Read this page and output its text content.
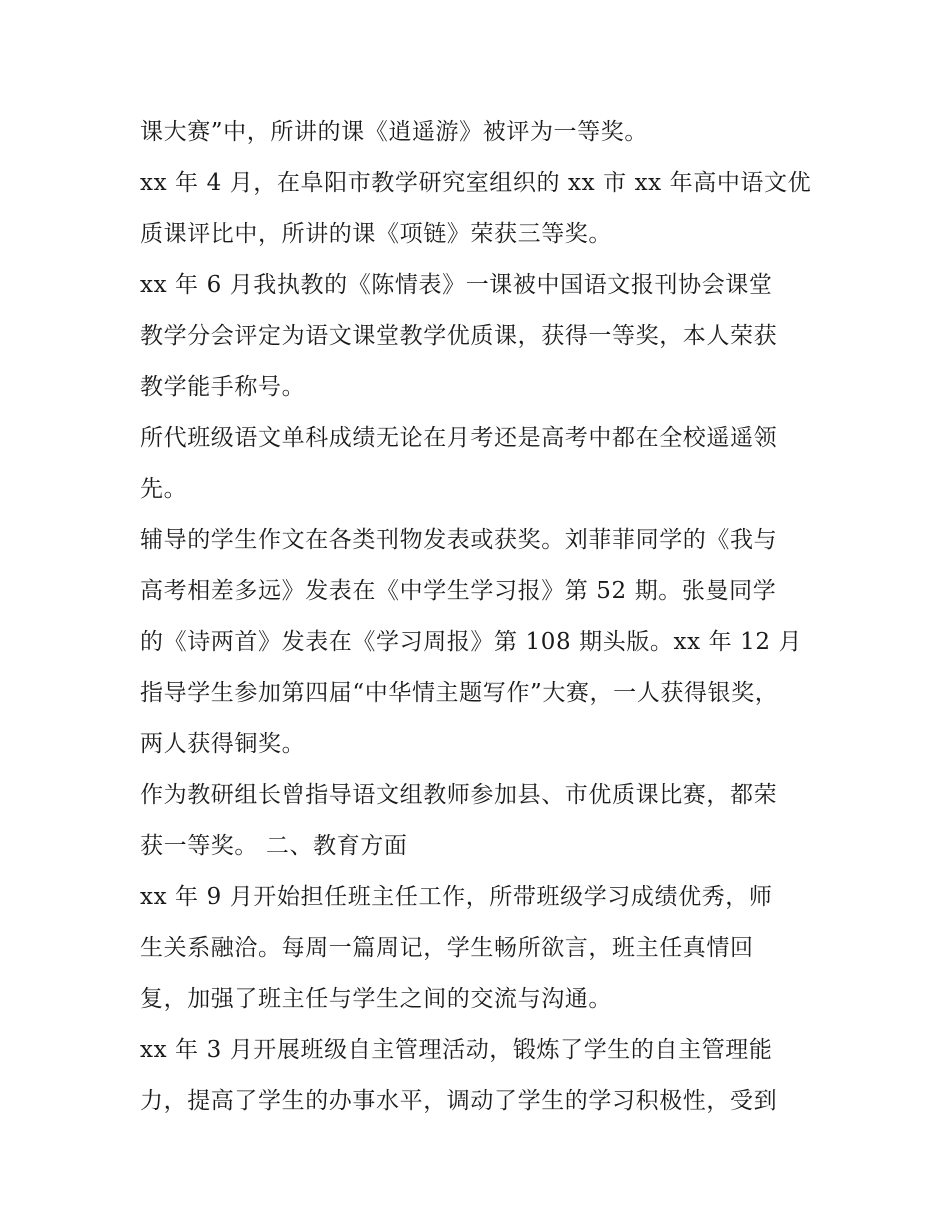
课大赛”中，所讲的课《逍遥游》被评为一等奖。
xx 年 4 月，在阜阳市教学研究室组织的 xx 市 xx 年高中语文优
质课评比中，所讲的课《项链》荣获三等奖。
xx 年 6 月我执教的《陈情表》一课被中国语文报刊协会课堂
教学分会评定为语文课堂教学优质课，获得一等奖，本人荣获
教学能手称号。
所代班级语文单科成绩无论在月考还是高考中都在全校遥遥领
先。
辅导的学生作文在各类刊物发表或获奖。刘菲菲同学的《我与
高考相差多远》发表在《中学生学习报》第 52 期。张曼同学
的《诗两首》发表在《学习周报》第 108 期头版。xx 年 12 月
指导学生参加第四届“中华情主题写作”大赛，一人获得银奖，
两人获得铜奖。
作为教研组长曾指导语文组教师参加县、市优质课比赛，都荣
获一等奖。 二、教育方面
xx 年 9 月开始担任班主任工作，所带班级学习成绩优秀，师
生关系融洽。每周一篇周记，学生畅所欲言，班主任真情回
复，加强了班主任与学生之间的交流与沟通。
xx 年 3 月开展班级自主管理活动，锻炼了学生的自主管理能
力，提高了学生的办事水平，调动了学生的学习积极性，受到
